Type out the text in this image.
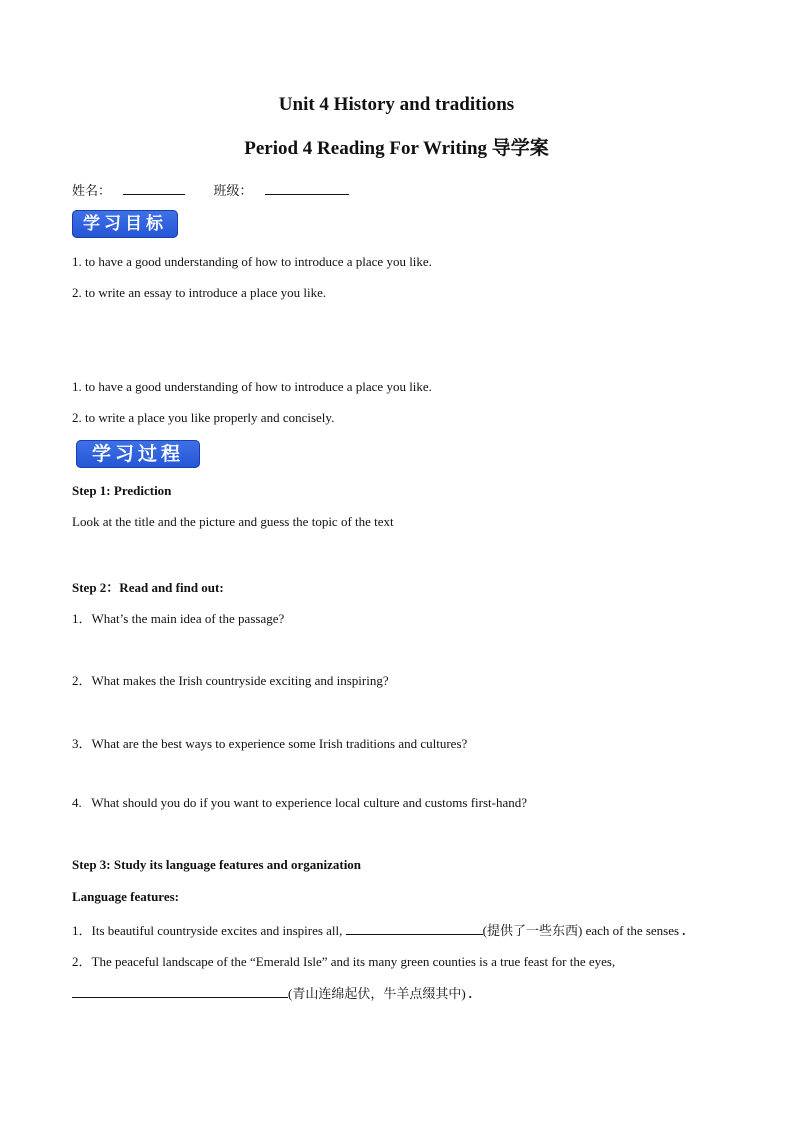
Unit 4 History and traditions
Period 4 Reading For Writing 导学案
姓名：	班级：
学习目标
1. to have a good understanding of how to introduce a place you like.
2. to write an essay to introduce a place you like.
1. to have a good understanding of how to introduce a place you like.
2. to write a place you like properly and concisely.
学习过程
Step 1: Prediction
Look at the title and the picture and guess the topic of the text
Step 2：Read and find out:
1．What’s the main idea of the passage?
2．What makes the Irish countryside exciting and inspiring?
3．What are the best ways to experience some Irish traditions and cultures?
4.   What should you do if you want to experience local culture and customs first-hand?
Step 3: Study its language features and organization
Language features:
1．Its beautiful countryside excites and inspires all,	(提供了一些东西) each of the senses .
2．The peaceful landscape of the “Emerald Isle” and its many green counties is a true feast for the eyes,
(青山连绵起伏，牛羊点缀其中) .
